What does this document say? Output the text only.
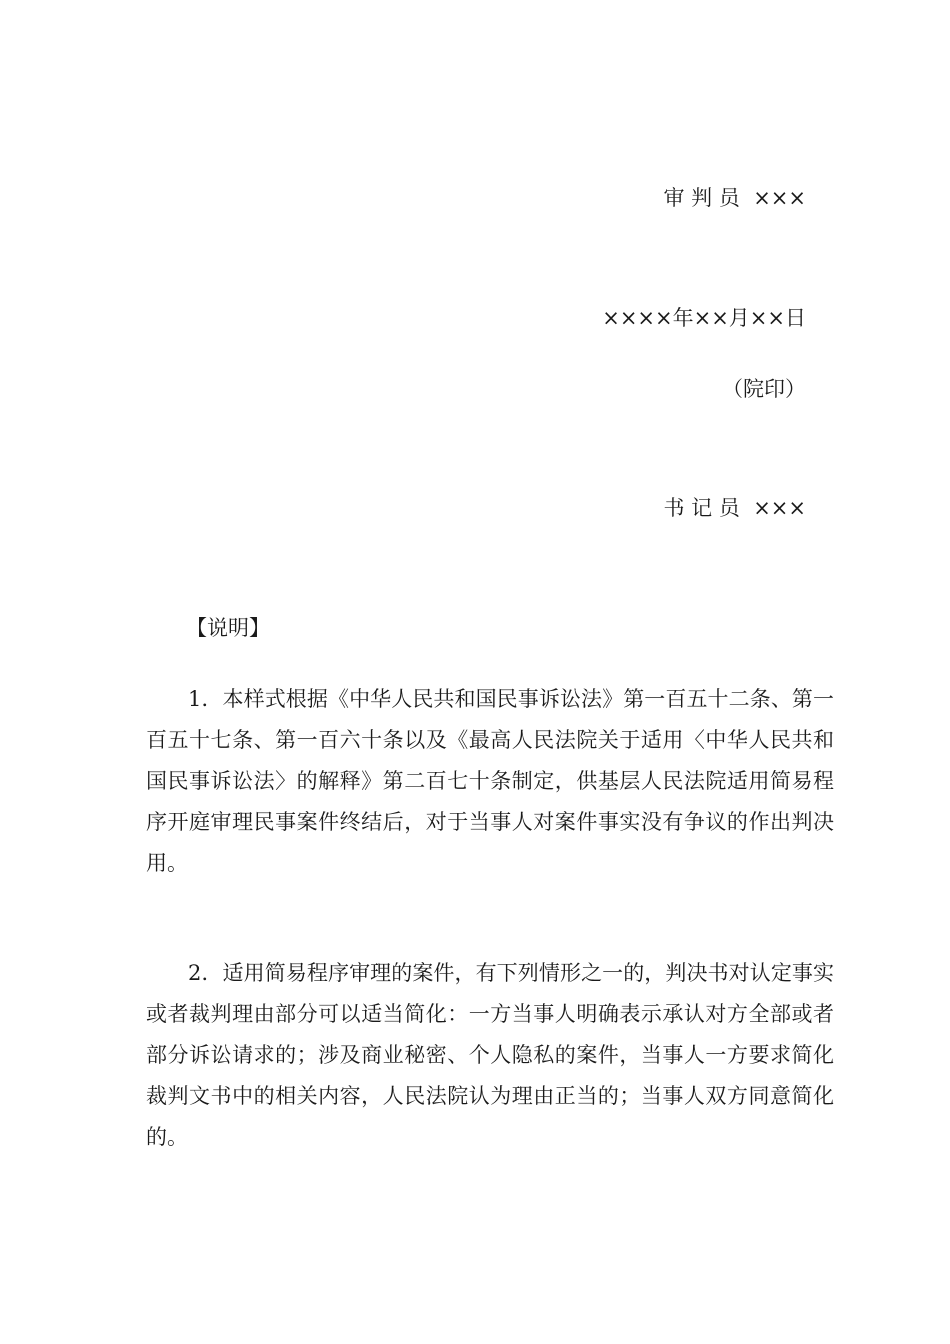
审 判 员  ×××
××××年××月××日
（院印）
书 记 员  ×××
【说明】

1．本样式根据《中华人民共和国民事诉讼法》第一百五十二条、第一百五十七条、第一百六十条以及《最高人民法院关于适用〈中华人民共和国民事诉讼法〉的解释》第二百七十条制定，供基层人民法院适用简易程序开庭审理民事案件终结后，对于当事人对案件事实没有争议的作出判决用。

2．适用简易程序审理的案件，有下列情形之一的，判决书对认定事实或者裁判理由部分可以适当简化：一方当事人明确表示承认对方全部或者部分诉讼请求的；涉及商业秘密、个人隐私的案件，当事人一方要求简化裁判文书中的相关内容，人民法院认为理由正当的；当事人双方同意简化的。
